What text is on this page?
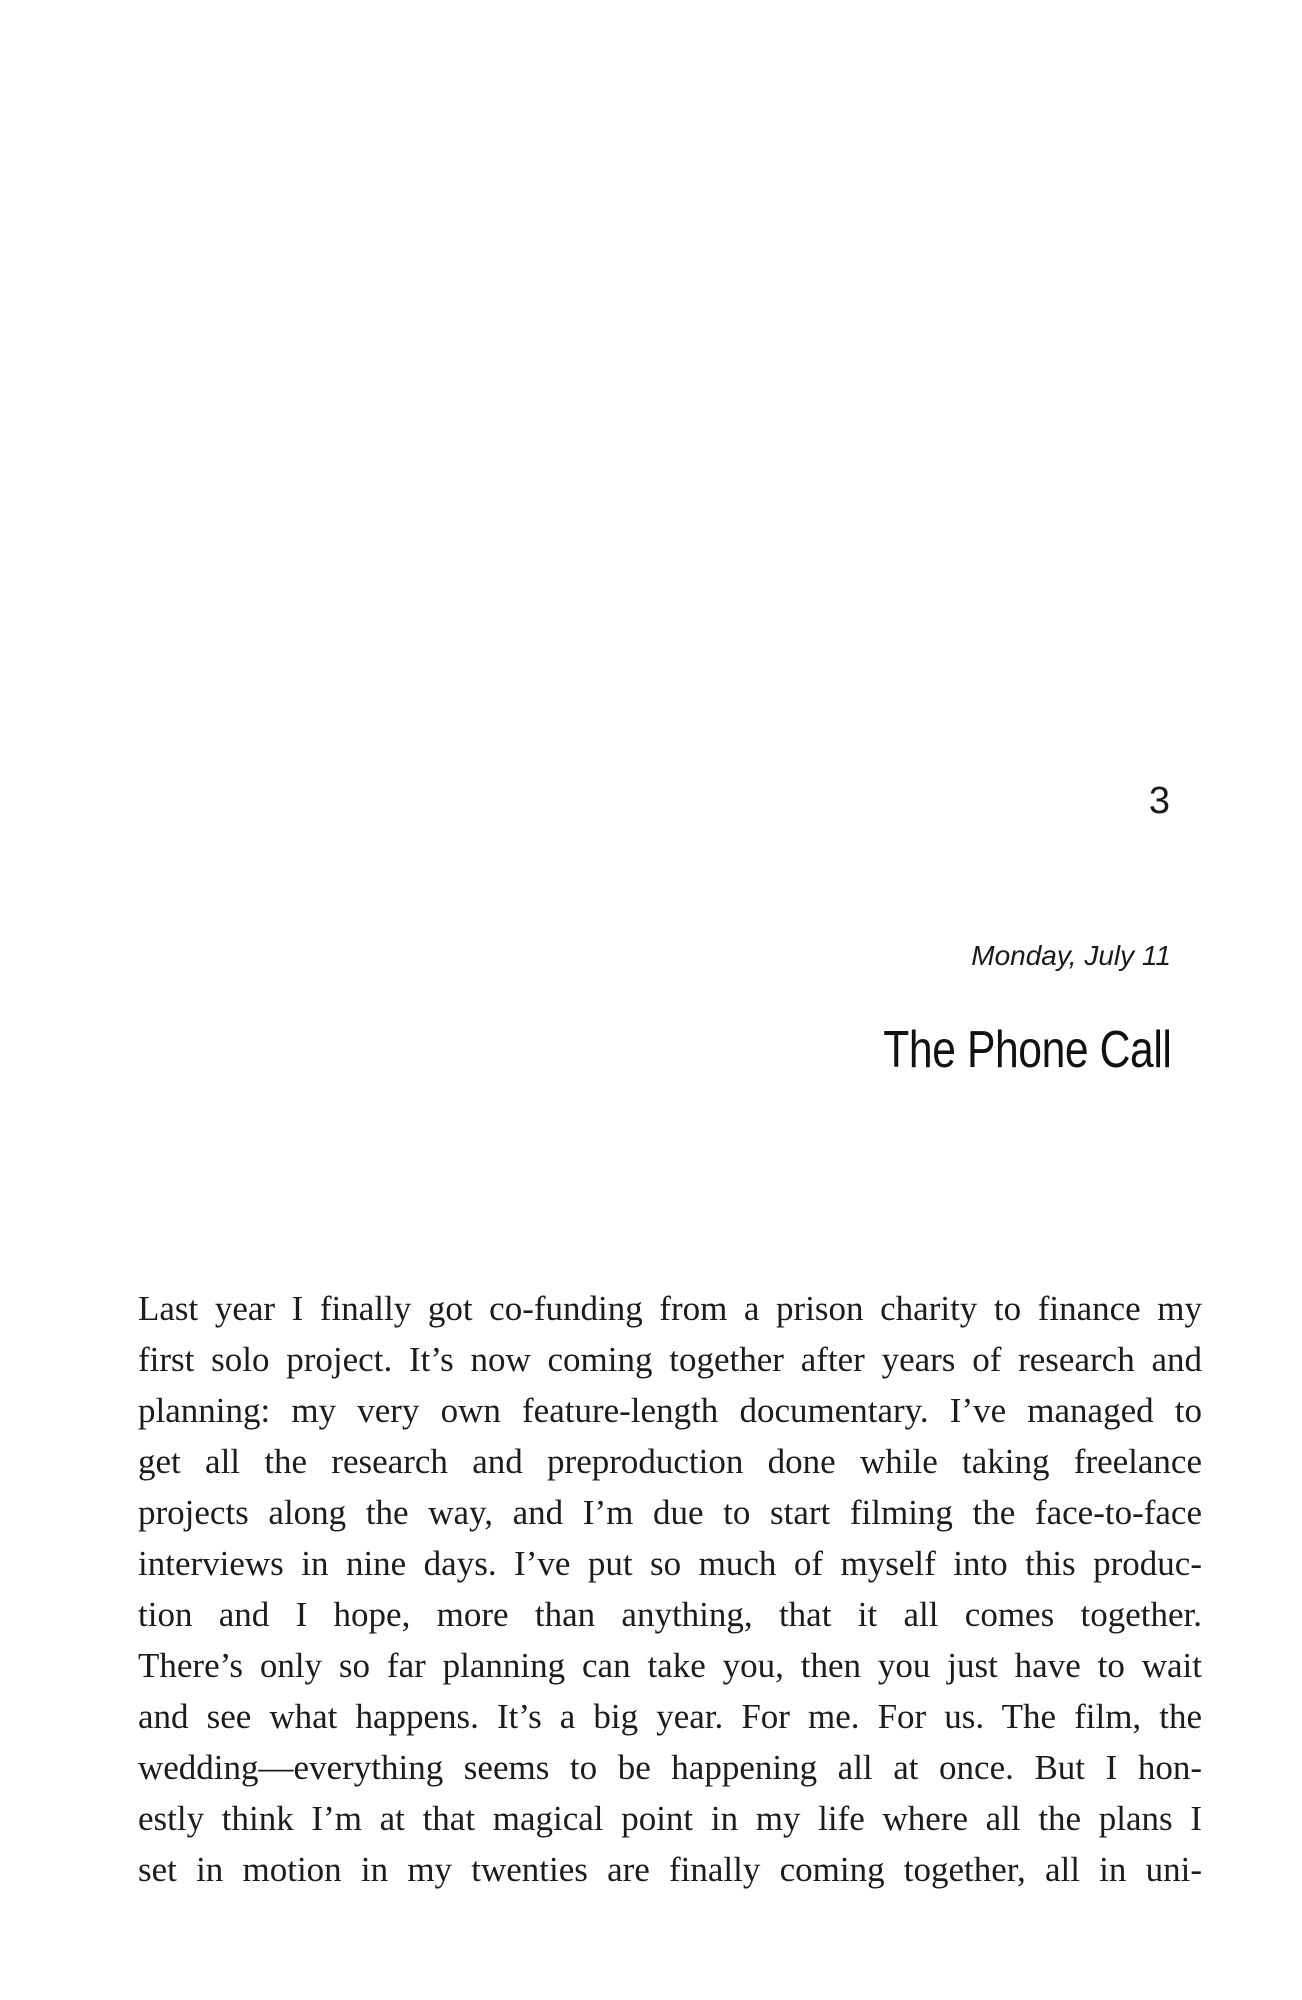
3
Monday, July 11
The Phone Call
Last year I finally got co-funding from a prison charity to finance my
first solo project. It’s now coming together after years of research and
planning: my very own feature-length documentary. I’ve managed to
get all the research and preproduction done while taking freelance
projects along the way, and I’m due to start filming the face-to-face
interviews in nine days. I’ve put so much of myself into this produc-
tion and I hope, more than anything, that it all comes together.
There’s only so far planning can take you, then you just have to wait
and see what happens. It’s a big year. For me. For us. The film, the
wedding—everything seems to be happening all at once. But I hon-
estly think I’m at that magical point in my life where all the plans I
set in motion in my twenties are finally coming together, all in uni-
